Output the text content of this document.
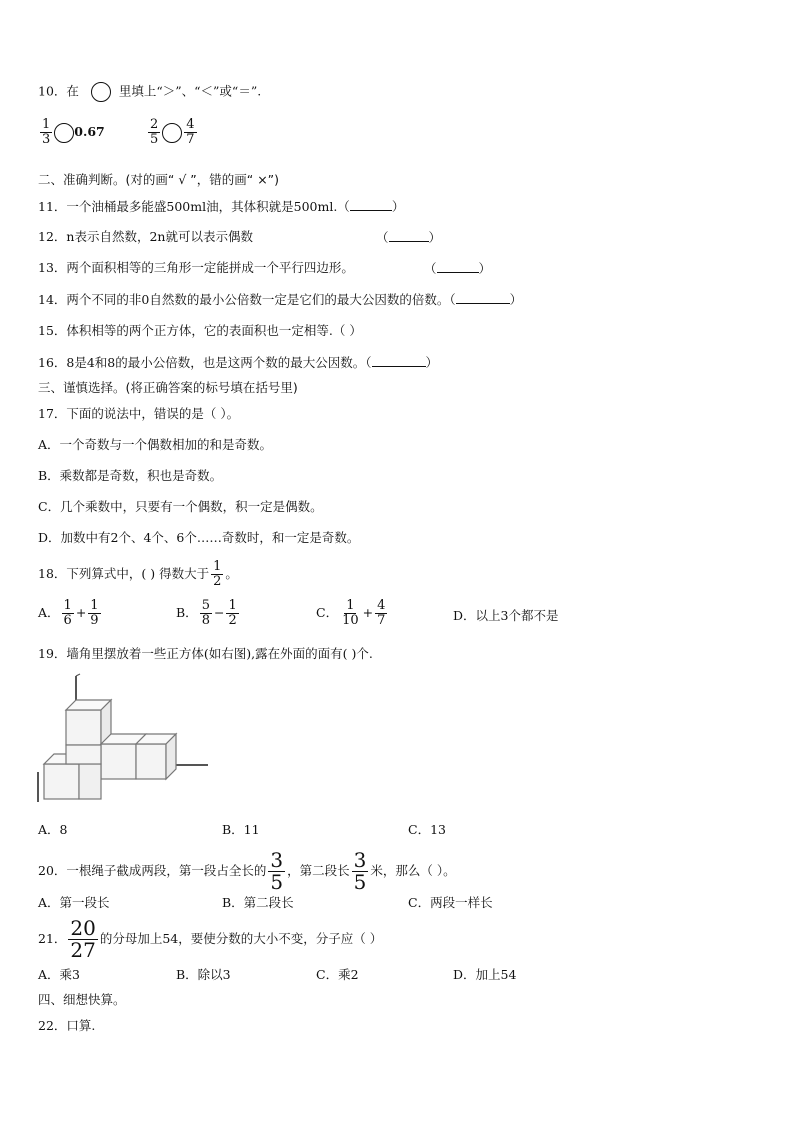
10．在	里填上“＞”、“＜”或“＝”.
$\frac{1}{3} 0.67$	$\frac{2}{5} \frac{4}{7}$
二、准确判断。(对的画“ √ ”，错的画“ ×”)
11．一个油桶最多能盛500ml油，其体积就是500ml.（	）
12．n表示自然数，2n就可以表示偶数	（	）
13．两个面积相等的三角形一定能拼成一个平行四边形。	（	）
14．两个不同的非0自然数的最小公倍数一定是它们的最大公因数的倍数。（	）
15．体积相等的两个正方体，它的表面积也一定相等.（ ）
16．8是4和8的最小公倍数，也是这两个数的最大公因数。（	）
三、谨慎选择。(将正确答案的标号填在括号里)
17．下面的说法中，错误的是（ ）。
A．一个奇数与一个偶数相加的和是奇数。
B．乘数都是奇数，积也是奇数。
C．几个乘数中，只要有一个偶数，积一定是偶数。
D．加数中有2个、4个、6个……奇数时，和一定是奇数。
18．下列算式中，( ) 得数大于 $\frac{1}{2}$ 。
A． $\frac{1}{6} + \frac{1}{9}$	B． $\frac{5}{8} - \frac{1}{2}$	C． $\frac{1}{10} + \frac{4}{7}$	D．以上3个都不是
19．墙角里摆放着一些正方体(如右图),露在外面的面有( )个.
A．8	B．11	C．13
20．一根绳子截成两段，第一段占全长的 $\frac{3}{5}$ ，第二段长 $\frac{3}{5}$ 米，那么（ ）。
A．第一段长	B．第二段长	C．两段一样长
21． $\frac{20}{27}$ 的分母加上54，要使分数的大小不变，分子应（ ）
A．乘3	B．除以3	C．乘2	D．加上54
四、细想快算。
22．口算.
